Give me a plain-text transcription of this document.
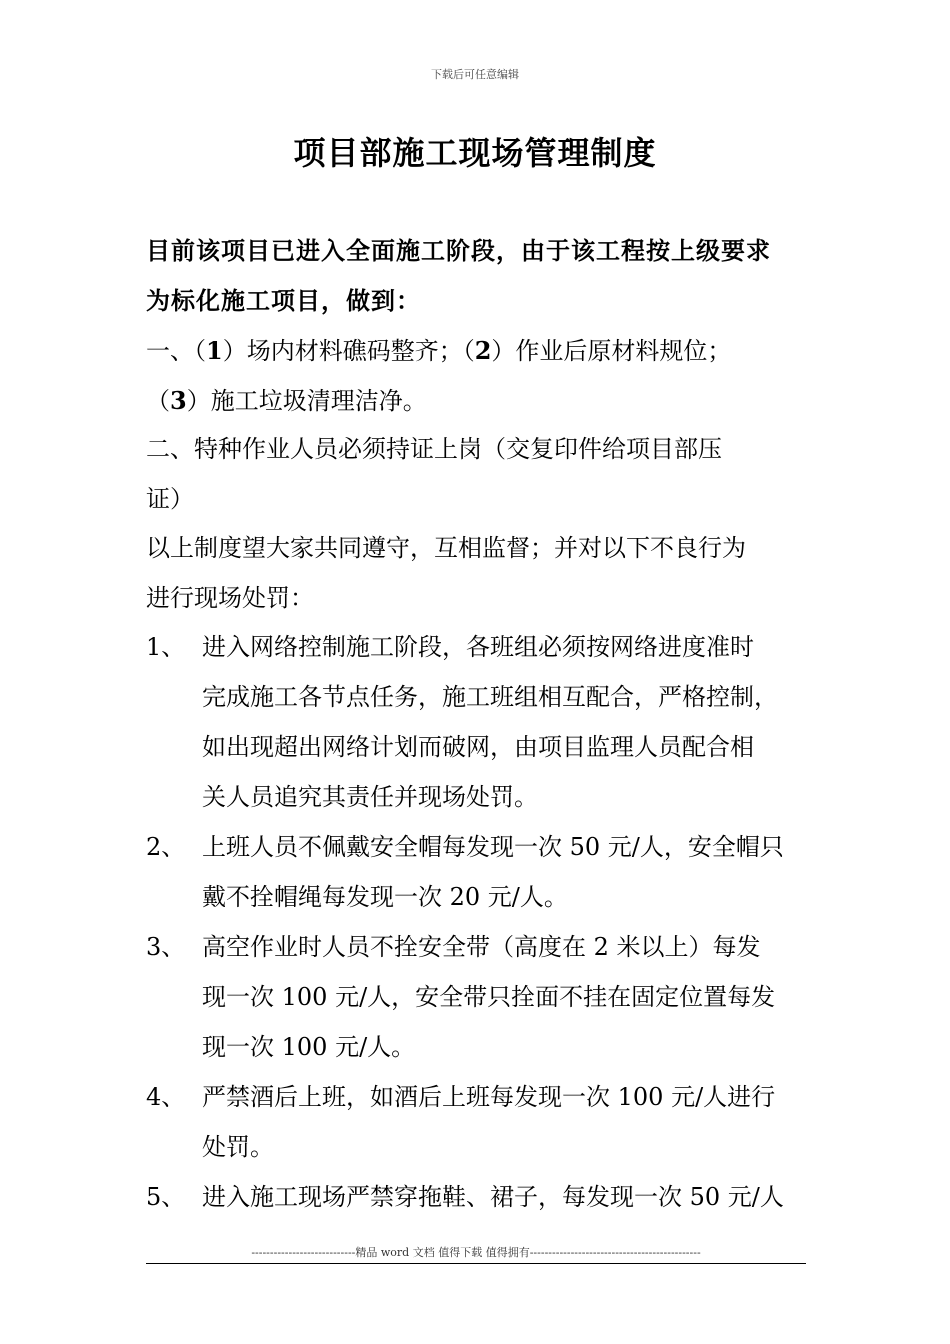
下载后可任意编辑
项目部施工现场管理制度
目前该项目已进入全面施工阶段，由于该工程按上级要求
为标化施工项目，做到：
一、（1）场内材料礁码整齐；（2）作业后原材料规位；
（3）施工垃圾清理洁净。
二、特种作业人员必须持证上岗（交复印件给项目部压
证）
以上制度望大家共同遵守，互相监督；并对以下不良行为
进行现场处罚：
1、 进入网络控制施工阶段，各班组必须按网络进度准时
完成施工各节点任务，施工班组相互配合，严格控制，
如出现超出网络计划而破网，由项目监理人员配合相
关人员追究其责任并现场处罚。
2、 上班人员不佩戴安全帽每发现一次 50 元/人，安全帽只
戴不拴帽绳每发现一次 20 元/人。
3、 高空作业时人员不拴安全带（高度在 2 米以上）每发
现一次 100 元/人，安全带只拴面不挂在固定位置每发
现一次 100 元/人。
4、 严禁酒后上班，如酒后上班每发现一次 100 元/人进行
处罚。
5、 进入施工现场严禁穿拖鞋、裙子，每发现一次 50 元/人
----------------------------精品 word 文档 值得下载 值得拥有----------------------------------------------
